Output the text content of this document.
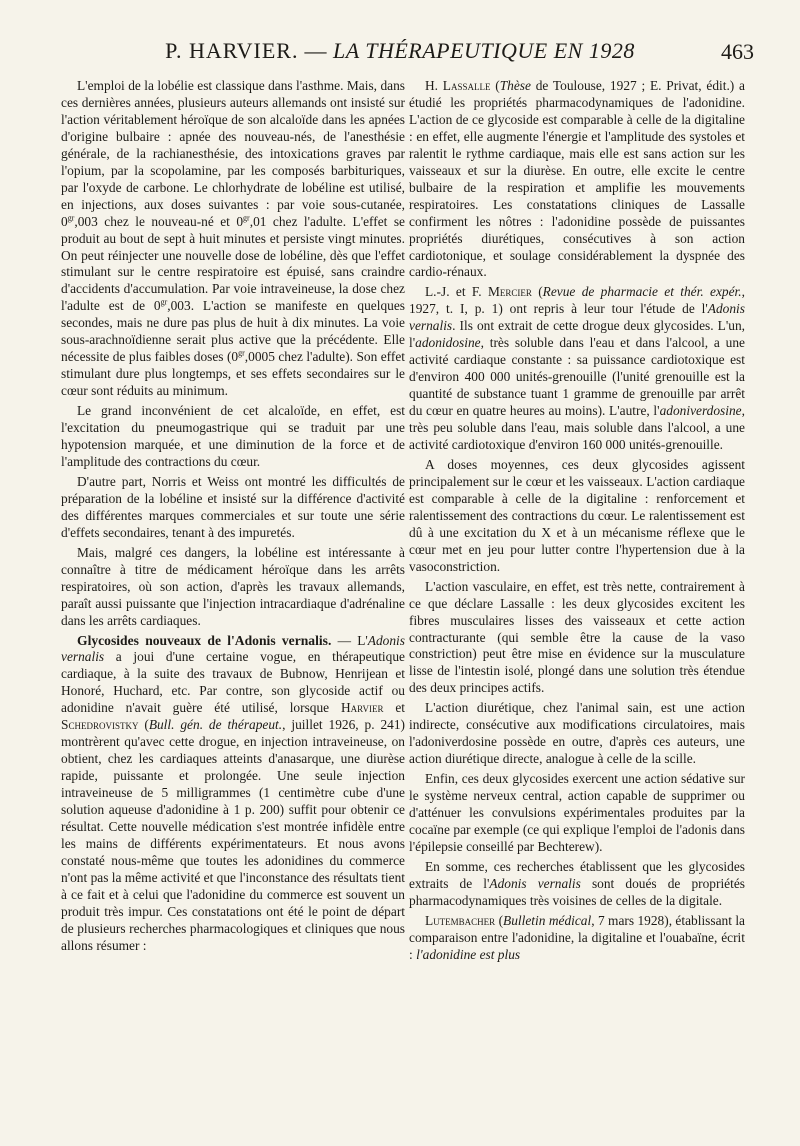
P. HARVIER. — LA THÉRAPEUTIQUE EN 1928	463

L'emploi de la lobélie est classique dans l'asthme. Mais, dans ces dernières années, plusieurs auteurs allemands ont insisté sur l'action véritablement héroïque de son alcaloïde dans les apnées d'origine bulbaire : apnée des nouveau-nés, de l'anesthésie générale, de la rachianesthésie, des intoxications graves par l'opium, par la scopolamine, par les composés barbituriques, par l'oxyde de carbone. Le chlorhydrate de lobéline est utilisé, en injections, aux doses suivantes : par voie sous-cutanée, $0^{gr},003$ chez le nouveau-né et $0^{gr},01$ chez l'adulte. L'effet se produit au bout de sept à huit minutes et persiste vingt minutes. On peut réinjecter une nouvelle dose de lobéline, dès que l'effet stimulant sur le centre respiratoire est épuisé, sans craindre d'accidents d'accumulation. Par voie intraveineuse, la dose chez l'adulte est de $0^{gr},003$. L'action se manifeste en quelques secondes, mais ne dure pas plus de huit à dix minutes. La voie sous-arachnoïdienne serait plus active que la précédente. Elle nécessite de plus faibles doses ($0^{gr},0005$ chez l'adulte). Son effet stimulant dure plus longtemps, et ses effets secondaires sur le cœur sont réduits au minimum.

Le grand inconvénient de cet alcaloïde, en effet, est l'excitation du pneumogastrique qui se traduit par une hypotension marquée, et une diminution de la force et de l'amplitude des contractions du cœur.

D'autre part, Norris et Weiss ont montré les difficultés de préparation de la lobéline et insisté sur la différence d'activité des différentes marques commerciales et sur toute une série d'effets secondaires, tenant à des impuretés.

Mais, malgré ces dangers, la lobéline est intéressante à connaître à titre de médicament héroïque dans les arrêts respiratoires, où son action, d'après les travaux allemands, paraît aussi puissante que l'injection intracardiaque d'adrénaline dans les arrêts cardiaques.

Glycosides nouveaux de l'Adonis vernalis. — L'Adonis vernalis a joui d'une certaine vogue, en thérapeutique cardiaque, à la suite des travaux de Bubnow, Henrijean et Honoré, Huchard, etc. Par contre, son glycoside actif ou adonidine n'avait guère été utilisé, lorsque Harvier et Schedrovistky (Bull. gén. de thérapeut., juillet 1926, p. 241) montrèrent qu'avec cette drogue, en injection intraveineuse, on obtient, chez les cardiaques atteints d'anasarque, une diurèse rapide, puissante et prolongée. Une seule injection intraveineuse de 5 milligrammes (1 centimètre cube d'une solution aqueuse d'adonidine à 1 p. 200) suffit pour obtenir ce résultat. Cette nouvelle médication s'est montrée infidèle entre les mains de différents expérimentateurs. Et nous avons constaté nous-même que toutes les adonidines du commerce n'ont pas la même activité et que l'inconstance des résultats tient à ce fait et à celui que l'adonidine du commerce est souvent un produit très impur. Ces constatations ont été le point de départ de plusieurs recherches pharmacologiques et cliniques que nous allons résumer :

H. Lassalle (Thèse de Toulouse, 1927 ; E. Privat, édit.) a étudié les propriétés pharmacodynamiques de l'adonidine. L'action de ce glycoside est comparable à celle de la digitaline : en effet, elle augmente l'énergie et l'amplitude des systoles et ralentit le rythme cardiaque, mais elle est sans action sur les vaisseaux et sur la diurèse. En outre, elle excite le centre bulbaire de la respiration et amplifie les mouvements respiratoires. Les constatations cliniques de Lassalle confirment les nôtres : l'adonidine possède de puissantes propriétés diurétiques, consécutives à son action cardiotonique, et soulage considérablement la dyspnée des cardio-rénaux.

L.-J. et F. Mercier (Revue de pharmacie et thér. expér., 1927, t. I, p. 1) ont repris à leur tour l'étude de l'Adonis vernalis. Ils ont extrait de cette drogue deux glycosides. L'un, l'adonidosine, très soluble dans l'eau et dans l'alcool, a une activité cardiaque constante : sa puissance cardiotoxique est d'environ 400 000 unités-grenouille (l'unité grenouille est la quantité de substance tuant 1 gramme de grenouille par arrêt du cœur en quatre heures au moins). L'autre, l'adoniverdosine, très peu soluble dans l'eau, mais soluble dans l'alcool, a une activité cardiotoxique d'environ 160 000 unités-grenouille.

A doses moyennes, ces deux glycosides agissent principalement sur le cœur et les vaisseaux. L'action cardiaque est comparable à celle de la digitaline : renforcement et ralentissement des contractions du cœur. Le ralentissement est dû à une excitation du X et à un mécanisme réflexe que le cœur met en jeu pour lutter contre l'hypertension due à la vasoconstriction.

L'action vasculaire, en effet, est très nette, contrairement à ce que déclare Lassalle : les deux glycosides excitent les fibres musculaires lisses des vaisseaux et cette action contracturante (qui semble être la cause de la vaso constriction) peut être mise en évidence sur la musculature lisse de l'intestin isolé, plongé dans une solution très étendue des deux principes actifs.

L'action diurétique, chez l'animal sain, est une action indirecte, consécutive aux modifications circulatoires, mais l'adoniverdosine possède en outre, d'après ces auteurs, une action diurétique directe, analogue à celle de la scille.

Enfin, ces deux glycosides exercent une action sédative sur le système nerveux central, action capable de supprimer ou d'atténuer les convulsions expérimentales produites par la cocaïne par exemple (ce qui explique l'emploi de l'adonis dans l'épilepsie conseillé par Bechterew).

En somme, ces recherches établissent que les glycosides extraits de l'Adonis vernalis sont doués de propriétés pharmacodynamiques très voisines de celles de la digitale.

Lutembacher (Bulletin médical, 7 mars 1928), établissant la comparaison entre l'adonidine, la digitaline et l'ouabaïne, écrit : l'adonidine est plus
